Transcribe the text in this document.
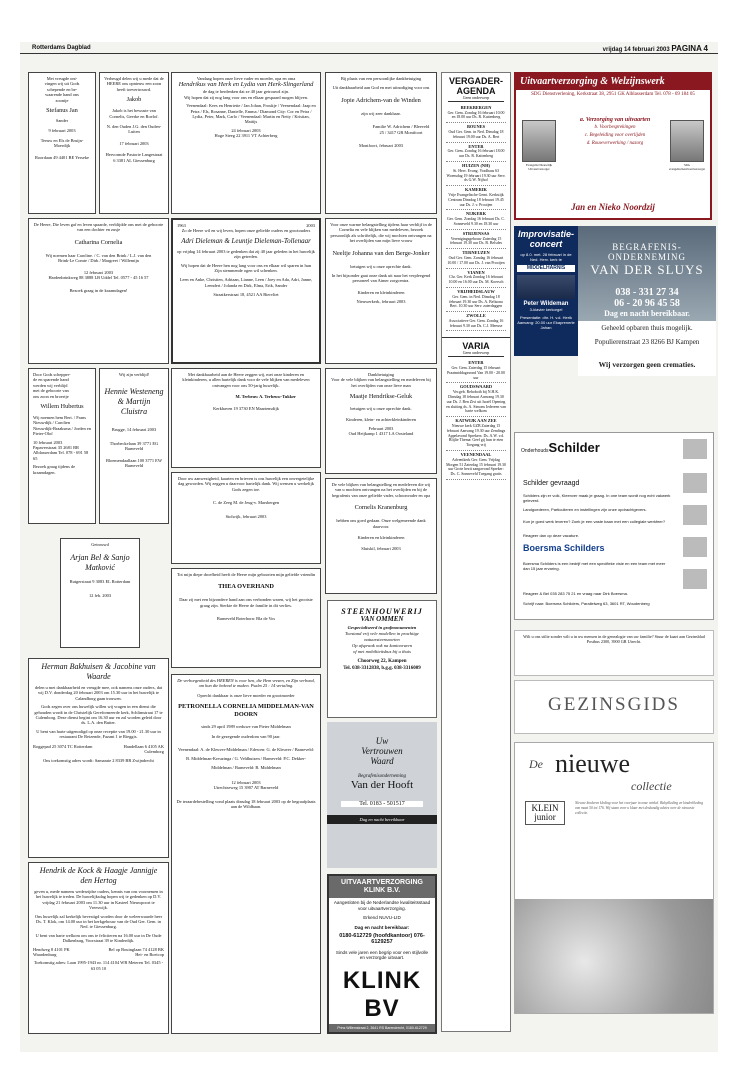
Rotterdams Dagblad	vrijdag 14 februari 2003 PAGINA 4

Met vreugde ont-

vingen wij uit Gods

schepende en be-

waarende hand ons

zoontje

Stefanus Jan

Sander

9 februari 2003

Teeuw en Els de Bruijn-Moerdijk

Roordaan 49 4401 BE Yerseke

Verheugd delen wij u mede dat de HEERE ons opnieuw een zoon heeft toevertrouwd.

Jakob

Jakob is het bewuste van Cornelis, Geerke en Roelof.

N. den Ouden J.G. den Ouden-Luiten

17 februari 2003

Hervormde Pastorie Langestraat 6 3381 AL Giessenburg

Vandaag hopen onze lieve vader en moeder, opa en oma

Hendrikus van Herk en Lydia van Herk-Slingerland

de dag te herdenken dat ze 40 jaar getrouwd zijn.

Wij hopen dat zij nog lang voor ons en elkaar gespaard mogen blijven.

Veenendaal: Kees en Henriette / Jan Johan, Froukje / Veenendaal: Jaap en Petra / Els, Rosanne, Danielle, Emma / Diamond City: Cor en Petra / Lydia, Peter, Mark, Carlo / Veenendaal: Martin en Netty / Kristian, Mattijs

24 februari 2003

Hoge Steeg 22 3911 VT Achterberg

Bij plaats van een persoonlijke dankbetuiging

Uit dankbaarheid aan God en met uitnodiging voor ons

Jopie Adrichem-van de Winden

zijn wij zeer dankbaar.

Familie W. Adrichem / Bleeveld 25 / 3417 GR Montfoort

Montfoort, februari 2003

De Heere, Die leven gaf en leven spaarde, verblijdde ons met de geboorte van een dochter en zusje

Catharina Cornelia

Wij noemen haar Caroline. / C. van den Brink / L.J. van den Brink-Le Comte / Dirk / Margreet / Willemijn

12 februari 2003

Hardenbrinkweg 88 3888 LB Uddel Tel. 0577 - 45 16 57

Bezoek graag in de kraamdagen!

1963	2003

Zo de Heere wil en wij leven, hopen onze geliefde ouders en grootouders

Adri Dieleman & Leuntje Dieleman-Tollenaar

op vrijdag 14 februari 2003 te gedenken dat zij 40 jaar geleden in het huwelijk zijn getreden.

Wij hopen dat de Heere hen nog lang voor ons en elkaar wil sparen in hun Zijn stemmende ogen wil schenken.

Leen en Anke, Christien, Adriaan, Lianne, Leen / Joey en Ada, Adri, Janne, Leendert / Jolanda en Dirk, Elma, Erik, Sander

Straatkerstraat 18, 4521 AA Biervliet

Voor onze warme belangstelling tijdens haar verblijf in de Cornelia en vele blijken van medeleven, bezoek persoonlijk als schriftelijk, die wij mochten ontvangen na het overlijden van mijn lieve vrouw

Neeltje Johanna van den Berge-Jonker

betuigen wij u onze oprechte dank.

In het bijzonder gaat onze dank uit naar het verpleegend personeel van Aimer zorgcentra.

Kinderen en kleinkinderen

Nieuwerkerk, februari 2003

Door Gods schepper-

de en sparende hand

werden wij verblijd

met de geboorte van

ons zoon en broertje

Willem Hubertus

Wij noemen hem Bert. / Frans Nieuwdijk / Carolien Nieuwdijk-Braaksma / Jorden en Pieter-Olof

10 februari 2003

Papaverstraat 35 2681 BR Alblasserdam Tel. 078 - 691 58 65

Bezoek graag tijdens de kraamdagen.

Wij zijn verblijd!

Hennie Westeneng & Martijn Cluistra

Brugge, 14 februari 2003

Thorbeckelaan 39 3771 EG Barneveld

Bloemendaallaan 100 3771 EW Barneveld

Met dankbaarheid aan de Heere zeggen wij, met onze kinderen en kleinkinderen, u allen hartelijk dank voor de vele blijken van medeleven ontvangen voor ons 50-jarig huwelijk.

M. Terbeuw A. Terbeuw-Tukker

Kerkhaven 19 3730 EN Maartensdijk

Door uw aanwezigheid, kaarten en brieven is ons huwelijk een onvergetelijke dag geworden. Wij zeggen u daarvoor hartelijk dank. Wij wensen u werkelijk Gods zegen toe.

C. de Zeeg M. de Jeug-v. Marsbergen

Stolwijk, februari 2003

Dankbetuiging

Voor de vele blijken van belangstelling en medeleven bij het overlijden van onze lieve man

Maatje Hendrikse-Geluk

betuigen wij u onze oprechte dank.

Kinderen, klein- en achterkleinkinderen

Februari 2003

Oud Heijkamp 1 4317 LA Oosteland

De vele blijken van belangstelling en medeleven die wij van u mochten ontvangen na het overlijden en bij de begrafenis van onze geliefde vader, schoonvader en opa

Cornelis Kranenburg

hebben ons goed gedaan. Onze welgemeende dank daarvoor.

Kinderen en kleinkinderen

Sluiskil, februari 2003

Getrouwd

Arjan Bel & Sanjo Matković

Rutgerstraat 9 3083 EL Rotterdam

12 feb. 2003

Tot mijn diepe droefheid heeft de Heere mijn geboorten mijn geliefde vriendin

THEA OVERHAND

Daar zij met een bijzondere hand aan ons verbonden waren, wij het grootste graag zijn. Sterkte de Heere de familie in dit verlies.

Barneveld Boterhorn: Bla de Vos

Herman Bakhuisen & Jacobine van Waarde

delen u met dankbaarheid en vreugde mee, ook namens onze ouders, dat wij D.V. donderdag 20 februari 2003 om 15.30 uur in het huwelijk te Calandborg gaan trouwen.

Gods zegen over ons huwelijk willen wij vragen in een dienst die gehouden wordt in de Christelijk Gereformeerde kerk, Schlimstraat 17 te Culemborg. Deze dienst begint om 16.30 uur en zal worden geleid door ds. L.A. den Butter.

U bent van harte uitgenodigd op onze receptie van 19.00 - 21.30 uur in restaurant De Reizende, Fazant 1 te Rieggis.

Roggepad 25 3074 TC Rotterdam	Handellaan 6 4105 AK Culemborg

Ons toekomstig adres wordt: Samarate 2 8339 BR Zwijndrecht

De verborgenheid des HEEREN is voor hen, die Hem vrezen, en Zijn verbond, om hun die bekend te maken. Psalm 25 : 14 vertaling.

Oprecht dankbaar is onze lieve moeder en grootmoeder

PETRONELLA CORNELIA MIDDELMAN-VAN DOORN

sinds 29 april 1989 weduwe van Pieter Middelman

In de gezegende ouderdom van 90 jaar.

Veenendaal: A. de Kleuver-Middelman / Edewen: G. de Kleuver / Barneveld: B. Middelman-Kreuzinga / G. Veldhuizen / Barneveld: P.C. Dekker-Middelman / Barneveld: B. Middelman

12 februari 2003

Utrechtseweg 15 3907 AT Barneveld

De teraardebestelling vond plaats dinsdag 18 februari 2003 op de begraafplaats aan de Wildbaan.

Hendrik de Kock & Haagje Jannigje den Hertog

geven u, mede namens wederzijdse ouders, kennis van ons voornemen in het huwelijk te treden. De huwelijksdag hopen wij te gedenken op D.V. vrijdag 21 februari 2003 om 11.30 uur in Kasteel Nieuwpoort te Vreeswijk.

Ons huwelijk zal kerkelijk bevestigd worden door de weleerwaarde heer Ds. T. Klok, om 14.00 uur in het kerkgebouw van de Oud Ger. Gem. in Ned. te Giessenburg.

U bent van harte welkom om ons te feliciteren na 16.00 uur in De Oude Dalkenburg, Voorstraat 39 te Kinderdijk.

Hendweg 8 4101 PK Waardenburg
Bel op Bouinglaan 74 4128 BK Hei- en Boeicop

Toekomstig adres: Laan 1995-1943 nr. 114 4104 WB Meteren Tel. 0345 - 63 05 10

STEENHOUWERIJ

VAN OMMEN

Gespecialiseerd in grafmonumenten

Toestand vrij vele modellen in prachtige natuursteensoorten

Op afspraak ook na kantooruren

of met mobiliteitsbus bij u thuis

Choorweg 22, Kampen

Tel. 038-3312838, b.g.g. 038-3316009

Uw

Vertrouwen

Waard

Begrafenisonderneming

Van der Hooft

Tel. 0183 - 501517

Dag en nacht bereikbaar

UITVAARTVERZORGING KLINK B.V.

Aangesloten bij de Nederlandse kwaliteitsstaad voor uitvaartverzorging.

Erkend NUVU-LID

Dag en nacht bereikbaar:

0180-612729 (hoofdkantoor) 076-6129257

Sinds vele jaren een begrip voor een stijlvolle en verzorgde uitvaart.

KLINK BV

Prins Willemstraat 2, 3641 RS Barendrecht, 0180-612729
VERGADER-AGENDA
Geen onderwerp
BEEKBERGEN
Ger. Gem. Zondag 16 februari 10.00 en 18.00 uur Ds. R. Kattenberg
BOUNES
Oud Ger. Gem. in Ned. Dinsdag 18 februari 19.00 uur Ds. A. Bert
ENTER
Ger. Gem. Zondag 16 februari 18.00 uur Ds. R. Kattenberg
HUIZEN (NH)
St. Herv. Evang. Vosdhaas 63 Woensdag 19 februari 19.30 uur Serv. ds G.W. Nijhof
KAMERIK
Vrije Evangelische Gemt. Kerkstijk Centrum Dinsdag 18 februari 19.45 uur Ds. J. v. Prooijen
NIJKERK
Ger. Gem. Zondag 16 februari Ds. C. Sonneveld 9.30 en 18.30 uur
STRIJENSAS
Verenigingsgebouw Zaterdag 15 februari 19.30 uur Ds. B. Belsdes
TERNEUZEN
Oud Ger. Gem. Zondag 16 februari 10.00 / 17.00 uur Ds. J. van Prooijen
VIANEN
Chr. Ger. Kerk Zondag 16 februari 10.00 en 16.00 uur Ds. M. Koersch
VRIJHEIDSLAUW
Ger. Gem. in Ned. Dinsdag 18 februari 19.30 uur Ds. A. Belisona Bert. 10.30 uur Serv. zaterdaggen
ZWOLLE
Associatieve Ger. Gem. Zondag 16 februari 9.30 uur Ds. C.J. Meeuse
VARIA
Geen onderwerp
ENTER
Ger. Gem. Zaterdag 15 februari Praatmiddagavond Van 19.00 - 20.00 uur
GOUDSWAARD
Ver.geb. Rehoboth bij N.H.K. Dinsdag 18 februari Aanvang 19.30 uur Ds. J. Ben Zivi uit Israël Opening en sluiting ds. A. Simons Iedereen van harte welkom
KATWIJK AAN ZEE
Nieuwe kerk GZB Zaterdag 15 februari Aanvang 19.30 uur Zendings Appelavond Sprekers: Ds. A.W. v.d. Blijlie Thema: Geef gij hun te eten Toegang vrij
VEENENDAAL
Adventkerk Ger. Gem. Vrijdag Morgen 51 Zaterdag 15 februari 19.30 uur Grote bezit zangavond Spreker: Ds. C. Sonneveld Toegang gratis
Uitvaartverzorging & Welzijnswerk
SDG Dienstverlening, Kerkstraat 38, 2951 GK Alblasserdam Tel. 078 - 69 184 05
Evangelist Nieuwdijk Uitvaartverzorger
SDG evangelischeuitvaartverzorger
a. Verzorging van uitvaarten
b. Voorbesprekingen
c. Begeleiding voor overlijden
d. Rouwverwerking / nazorg
Jan en Nieko Noordzij

Improvisatie-concert

op 8.0. met. 28 februari in de Ned. Herv. kerk te

MIDDELHARNIS

Peter Wildeman

3-klavier kerkorgel

Presentatie: dhr. H. v.d. Herik Aanvang: 20.00 uur Ekaprenerle Jahan

BEGRAFENIS-ONDERNEMING

VAN DER SLUYS

038 - 331 27 34

06 - 20 96 45 58

Dag en nacht bereikbaar.

Geheeld opbaren thuis mogelijk.

Populierenstraat 23 8266 BJ Kampen

Wij verzorgen geen crematies.

OnderhoudsSchilder

Schilder gevraagd

Schilders zijn er volk, Kleenver maak je graag. In one team wordt nog echt vakwerk geleverd.

Landgoederen, Particulieren en instellingen zijn onze opdrachtgevers.

Kun je goed werk leveren? Zoek je een vaste baan met een collegiale werkfeer?

Reageer dan op deze vacature.

Boersma Schilders

Boersma Schilders is een bedrijf met een specifieke visie en een team met meer dan 15 jaar ervaring.

Reageer & Bel 035 283 75 21 en vraag naar Dirk Boersma.

Schrijf naar: Boersma Schilders, Parallelweg 63, 3601 RT, Woudenberg

Wilt u ons stilte zonder wilt u in uw mensen in de genealogie van uw familie? Stuur de kaart aan Gezinsblad Postbus 2300, 3900 GR Utrecht.

GEZINSGIDS

De nieuwe
collectie
KLEIN junior

Nieuwe kinderen kleding voor het voorjaar in onze winkel. Babykleding en kinderkleding van maat 50 tot 176. Wij staan voor u klaar met deskundig advies over de nieuwste collectie.
